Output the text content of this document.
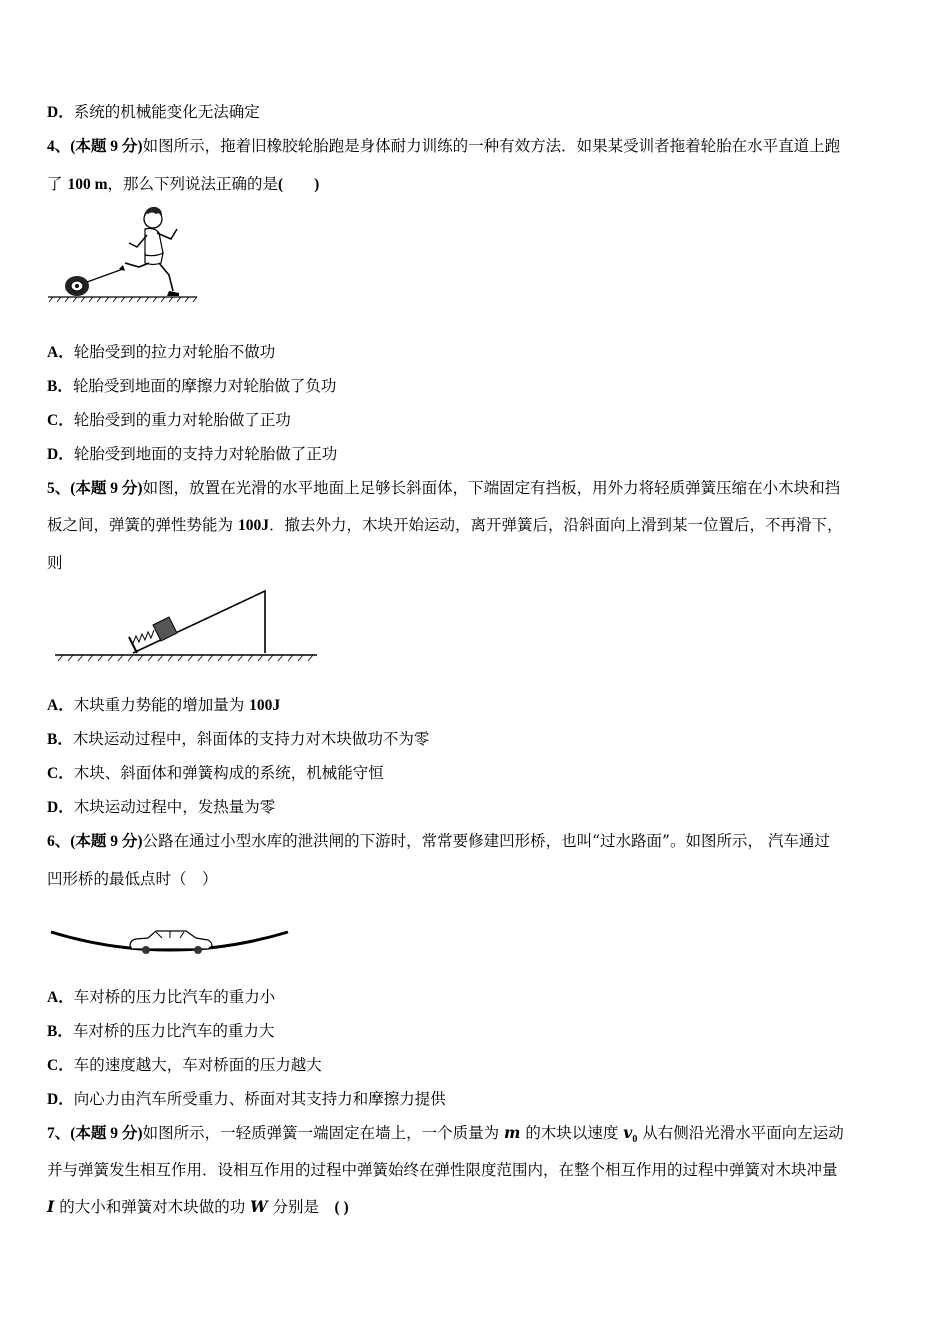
D．系统的机械能变化无法确定
4、(本题 9 分)如图所示，拖着旧橡胶轮胎跑是身体耐力训练的一种有效方法．如果某受训者拖着轮胎在水平直道上跑
了 100 m，那么下列说法正确的是(　　)
A．轮胎受到的拉力对轮胎不做功
B．轮胎受到地面的摩擦力对轮胎做了负功
C．轮胎受到的重力对轮胎做了正功
D．轮胎受到地面的支持力对轮胎做了正功
5、(本题 9 分)如图，放置在光滑的水平地面上足够长斜面体，下端固定有挡板，用外力将轻质弹簧压缩在小木块和挡
板之间，弹簧的弹性势能为 100J．撤去外力，木块开始运动，离开弹簧后，沿斜面向上滑到某一位置后，不再滑下，
则
A．木块重力势能的增加量为 100J
B．木块运动过程中，斜面体的支持力对木块做功不为零
C．木块、斜面体和弹簧构成的系统，机械能守恒
D．木块运动过程中，发热量为零
6、(本题 9 分)公路在通过小型水库的泄洪闸的下游时，常常要修建凹形桥，也叫“过水路面”。如图所示， 汽车通过
凹形桥的最低点时（　）
A．车对桥的压力比汽车的重力小
B．车对桥的压力比汽车的重力大
C．车的速度越大，车对桥面的压力越大
D．向心力由汽车所受重力、桥面对其支持力和摩擦力提供
7、(本题 9 分)如图所示，一轻质弹簧一端固定在墙上，一个质量为 m 的木块以速度 $v_0$ 从右侧沿光滑水平面向左运动
并与弹簧发生相互作用．设相互作用的过程中弹簧始终在弹性限度范围内，在整个相互作用的过程中弹簧对木块冲量
I 的大小和弹簧对木块做的功 W 分别是　( )
